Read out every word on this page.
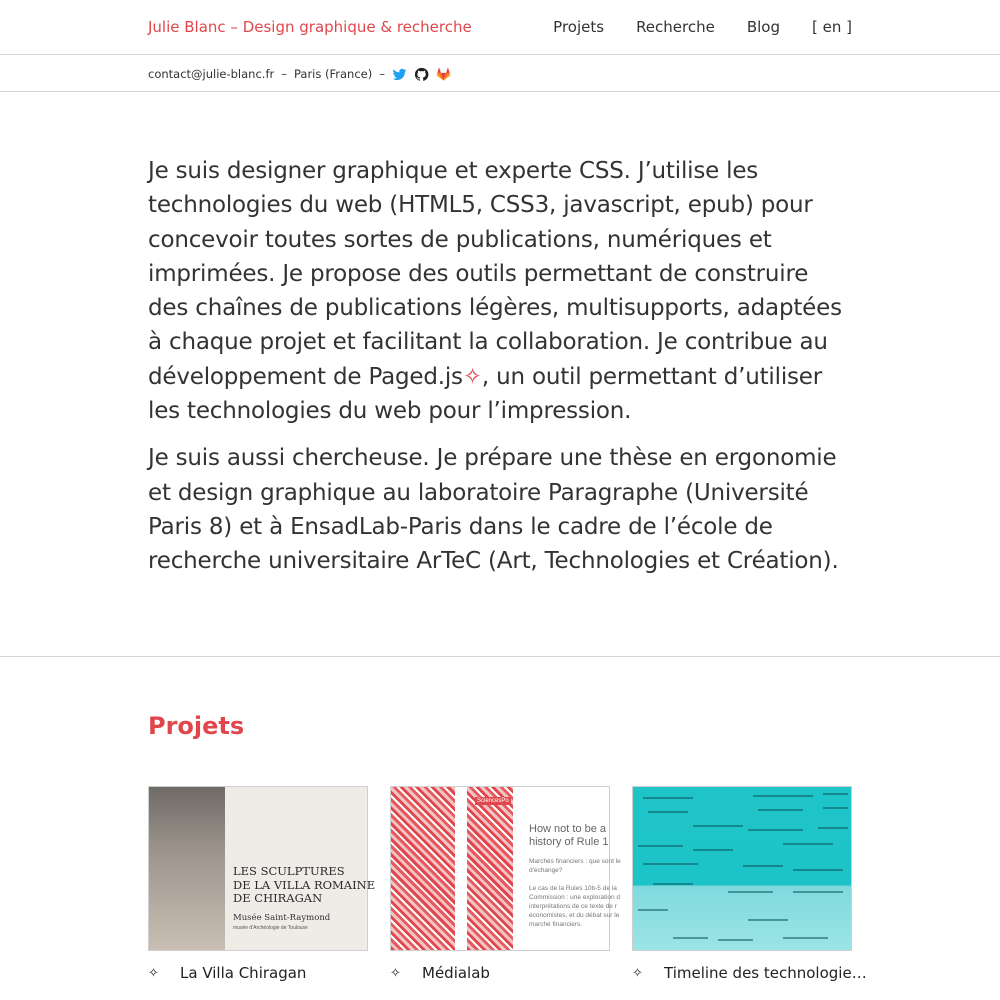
Julie Blanc – Design graphique & recherche	Projets Recherche Blog [ en ]
contact@julie-blanc.fr – Paris (France) –

Je suis designer graphique et experte CSS. J’utilise les technologies du web (HTML5, CSS3, javascript, epub) pour concevoir toutes sortes de publications, numériques et imprimées. Je propose des outils permettant de construire des chaînes de publications légères, multisupports, adaptées à chaque projet et facilitant la collaboration. Je contribue au développement de Paged.js✧, un outil permettant d’utiliser les technologies du web pour l’impression.

Je suis aussi chercheuse. Je prépare une thèse en ergonomie et design graphique au laboratoire Paragraphe (Université Paris 8) et à EnsadLab-Paris dans le cadre de l’école de recherche universitaire ArTeC (Art, Technologies et Création).

Projets
LES SCULPTURES
DE LA VILLA ROMAINE
DE CHIRAGAN
Musée Saint-Raymond
musée d'Archéologie de Toulouse
✧ La Villa Chiragan
SciencesPo
How not to be a
history of Rule 1
Marchés financiers : que sont le
d'échange?

Le cas de la Rules 10b-5 de la
Commission : une exploration d
interprétations de ce texte de r
économistes, et du débat sur le
marché financiers.
✧ Médialab	✧ Timeline des technologie…
